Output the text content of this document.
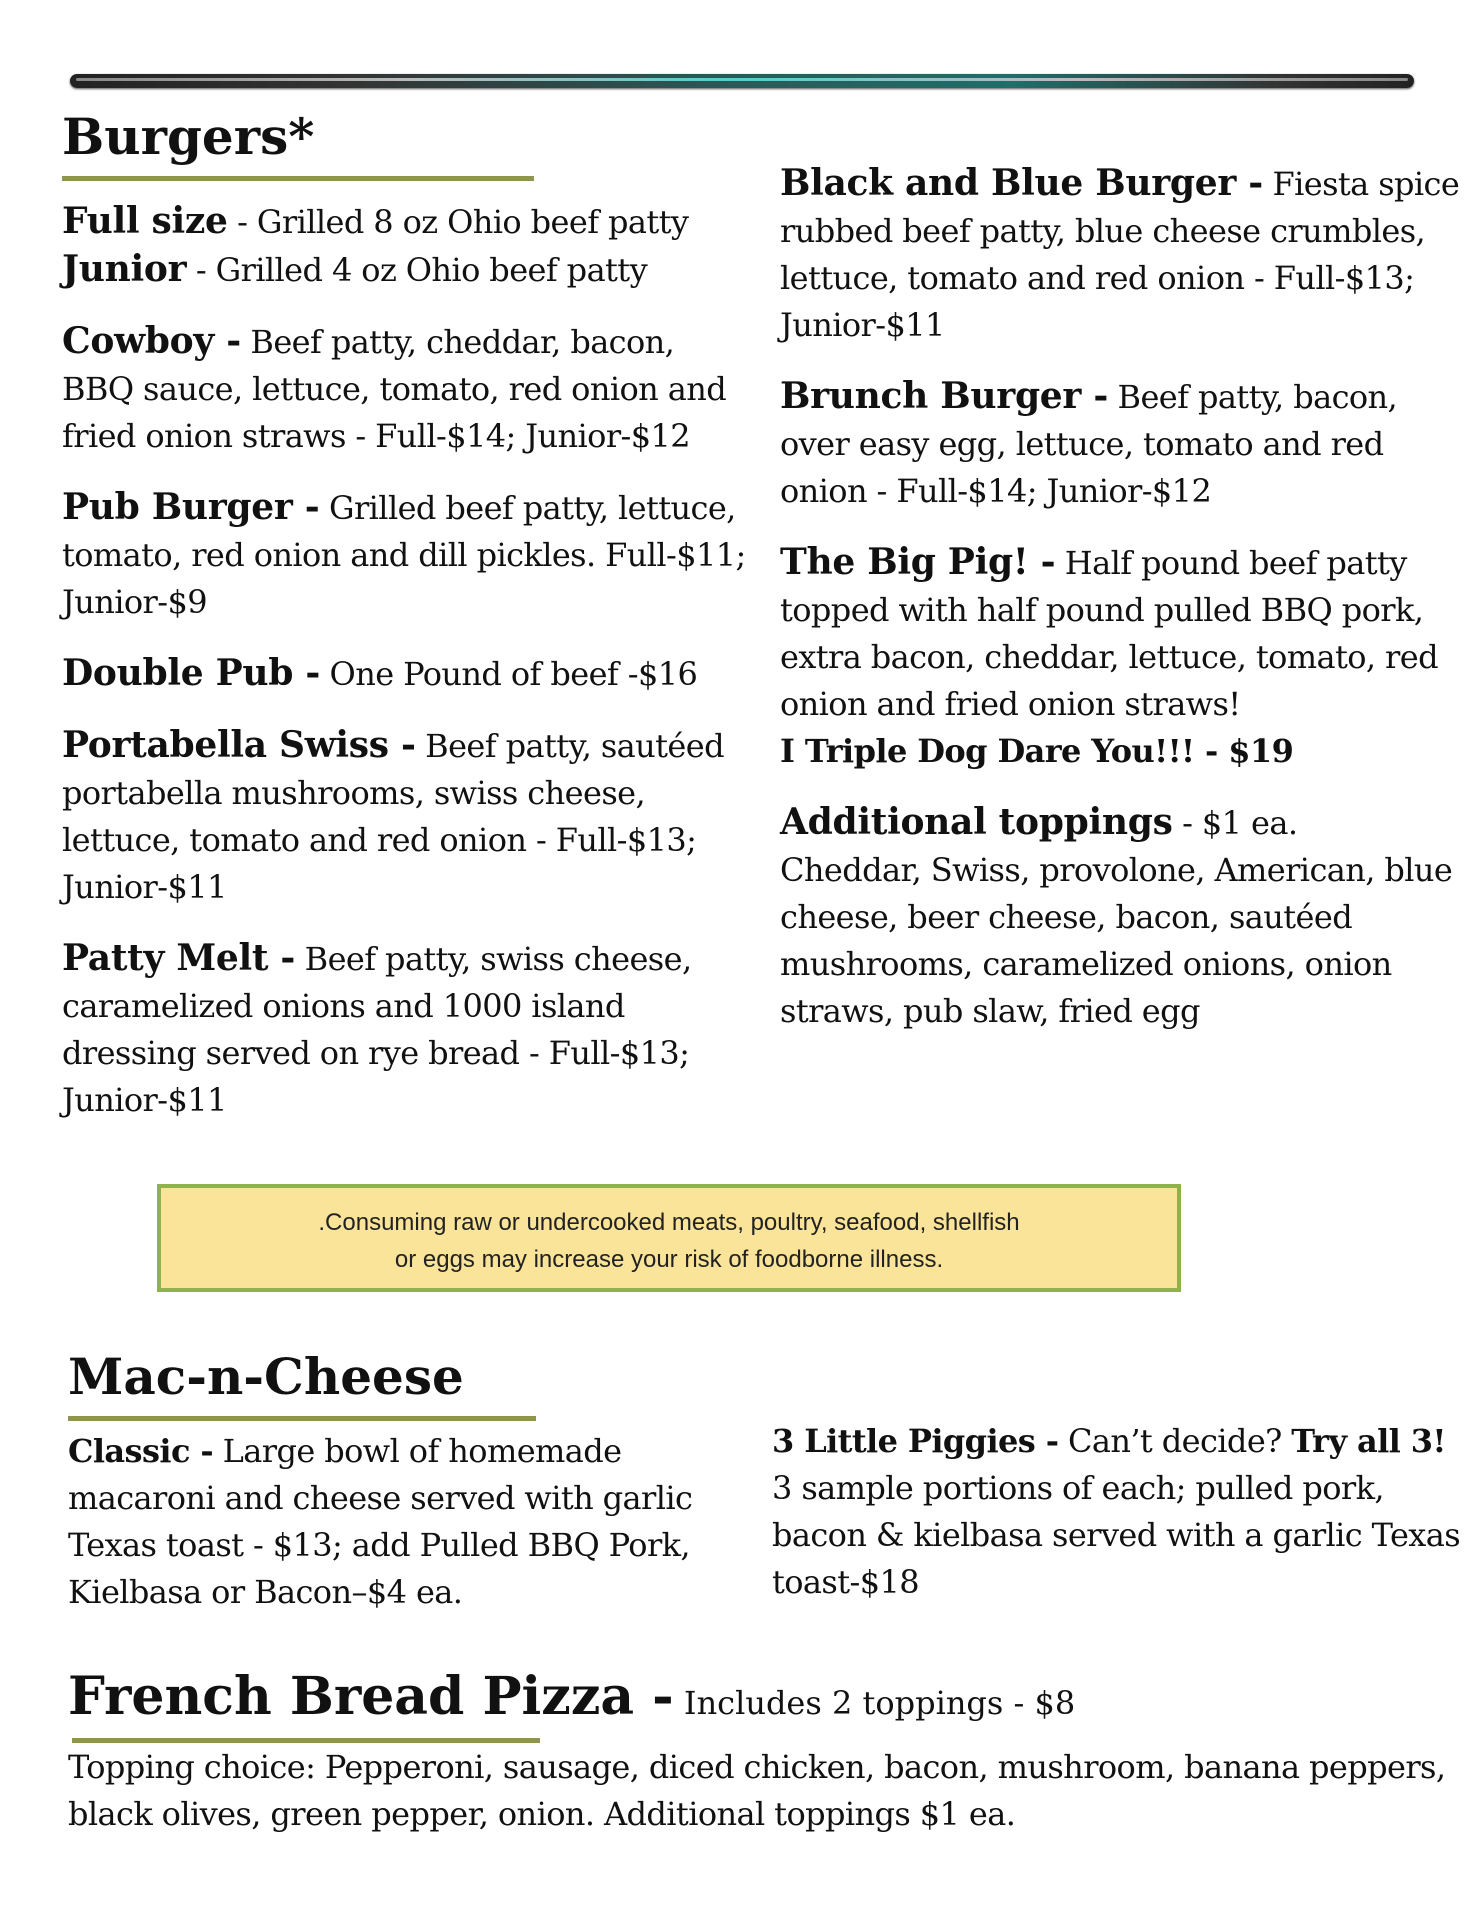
Burgers*

Full size - Grilled 8 oz Ohio beef patty

Junior - Grilled 4 oz Ohio beef patty

Cowboy - Beef patty, cheddar, bacon, BBQ sauce, lettuce, tomato, red onion and fried onion straws - Full-$14; Junior-$12

Pub Burger - Grilled beef patty, lettuce, tomato, red onion and dill pickles. Full-$11; Junior-$9

Double Pub - One Pound of beef -$16

Portabella Swiss - Beef patty, sautéed portabella mushrooms, swiss cheese, lettuce, tomato and red onion - Full-$13; Junior-$11

Patty Melt - Beef patty, swiss cheese, caramelized onions and 1000 island dressing served on rye bread - Full-$13; Junior-$11

Black and Blue Burger - Fiesta spice rubbed beef patty, blue cheese crumbles, lettuce, tomato and red onion - Full-$13; Junior-$11

Brunch Burger - Beef patty, bacon, over easy egg, lettuce, tomato and red onion - Full-$14; Junior-$12

The Big Pig! - Half pound beef patty topped with half pound pulled BBQ pork, extra bacon, cheddar, lettuce, tomato, red onion and fried onion straws!
I Triple Dog Dare You!!! - $19

Additional toppings - $1 ea.
Cheddar, Swiss, provolone, American, blue cheese, beer cheese, bacon, sautéed mushrooms, caramelized onions, onion straws, pub slaw, fried egg

.Consuming raw or undercooked meats, poultry, seafood, shellfish
or eggs may increase your risk of foodborne illness.
Mac-n-Cheese

Classic - Large bowl of homemade macaroni and cheese served with garlic Texas toast - $13; add Pulled BBQ Pork, Kielbasa or Bacon–$4 ea.

3 Little Piggies - Can’t decide? Try all 3!
3 sample portions of each; pulled pork, bacon & kielbasa served with a garlic Texas toast-$18

French Bread Pizza - Includes 2 toppings - $8
Topping choice: Pepperoni, sausage, diced chicken, bacon, mushroom, banana peppers, black olives, green pepper, onion. Additional toppings $1 ea.
